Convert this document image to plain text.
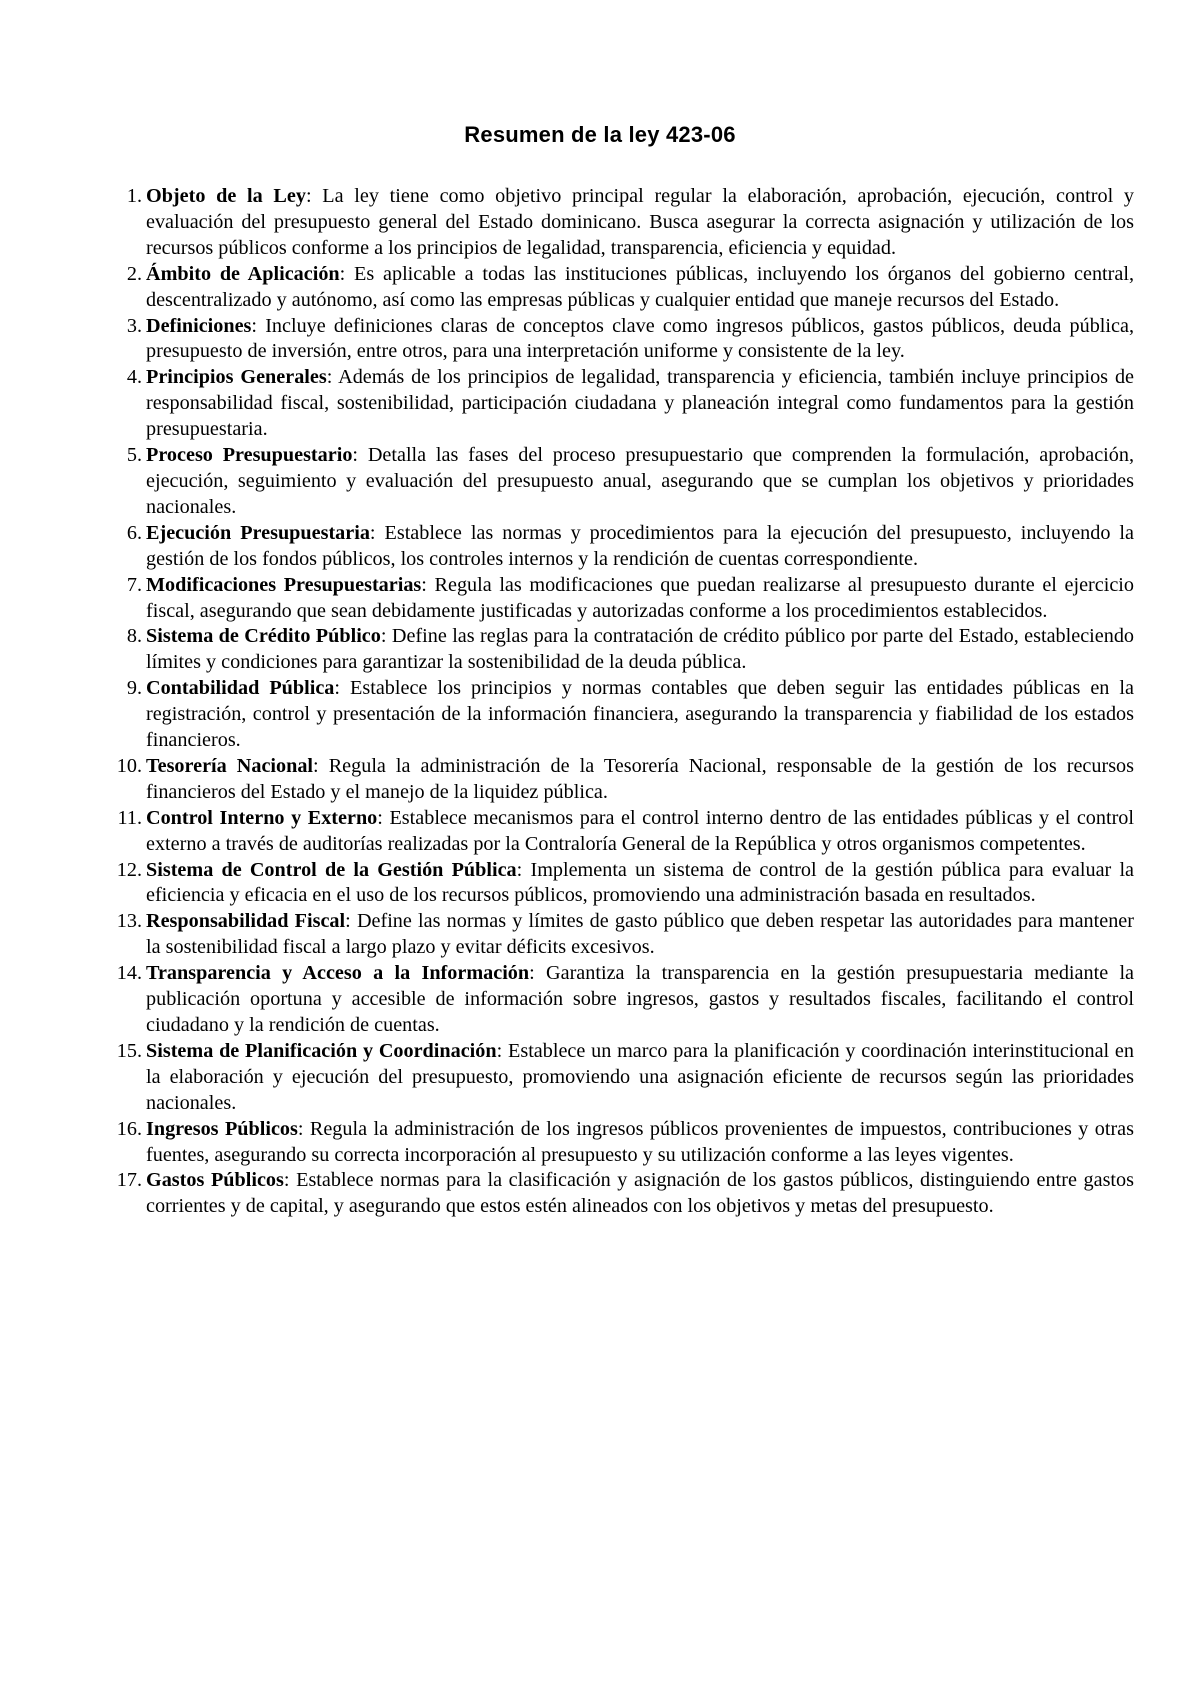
Resumen de la ley 423-06
1. Objeto de la Ley: La ley tiene como objetivo principal regular la elaboración, aprobación, ejecución, control y evaluación del presupuesto general del Estado dominicano. Busca asegurar la correcta asignación y utilización de los recursos públicos conforme a los principios de legalidad, transparencia, eficiencia y equidad.
2. Ámbito de Aplicación: Es aplicable a todas las instituciones públicas, incluyendo los órganos del gobierno central, descentralizado y autónomo, así como las empresas públicas y cualquier entidad que maneje recursos del Estado.
3. Definiciones: Incluye definiciones claras de conceptos clave como ingresos públicos, gastos públicos, deuda pública, presupuesto de inversión, entre otros, para una interpretación uniforme y consistente de la ley.
4. Principios Generales: Además de los principios de legalidad, transparencia y eficiencia, también incluye principios de responsabilidad fiscal, sostenibilidad, participación ciudadana y planeación integral como fundamentos para la gestión presupuestaria.
5. Proceso Presupuestario: Detalla las fases del proceso presupuestario que comprenden la formulación, aprobación, ejecución, seguimiento y evaluación del presupuesto anual, asegurando que se cumplan los objetivos y prioridades nacionales.
6. Ejecución Presupuestaria: Establece las normas y procedimientos para la ejecución del presupuesto, incluyendo la gestión de los fondos públicos, los controles internos y la rendición de cuentas correspondiente.
7. Modificaciones Presupuestarias: Regula las modificaciones que puedan realizarse al presupuesto durante el ejercicio fiscal, asegurando que sean debidamente justificadas y autorizadas conforme a los procedimientos establecidos.
8. Sistema de Crédito Público: Define las reglas para la contratación de crédito público por parte del Estado, estableciendo límites y condiciones para garantizar la sostenibilidad de la deuda pública.
9. Contabilidad Pública: Establece los principios y normas contables que deben seguir las entidades públicas en la registración, control y presentación de la información financiera, asegurando la transparencia y fiabilidad de los estados financieros.
10. Tesorería Nacional: Regula la administración de la Tesorería Nacional, responsable de la gestión de los recursos financieros del Estado y el manejo de la liquidez pública.
11. Control Interno y Externo: Establece mecanismos para el control interno dentro de las entidades públicas y el control externo a través de auditorías realizadas por la Contraloría General de la República y otros organismos competentes.
12. Sistema de Control de la Gestión Pública: Implementa un sistema de control de la gestión pública para evaluar la eficiencia y eficacia en el uso de los recursos públicos, promoviendo una administración basada en resultados.
13. Responsabilidad Fiscal: Define las normas y límites de gasto público que deben respetar las autoridades para mantener la sostenibilidad fiscal a largo plazo y evitar déficits excesivos.
14. Transparencia y Acceso a la Información: Garantiza la transparencia en la gestión presupuestaria mediante la publicación oportuna y accesible de información sobre ingresos, gastos y resultados fiscales, facilitando el control ciudadano y la rendición de cuentas.
15. Sistema de Planificación y Coordinación: Establece un marco para la planificación y coordinación interinstitucional en la elaboración y ejecución del presupuesto, promoviendo una asignación eficiente de recursos según las prioridades nacionales.
16. Ingresos Públicos: Regula la administración de los ingresos públicos provenientes de impuestos, contribuciones y otras fuentes, asegurando su correcta incorporación al presupuesto y su utilización conforme a las leyes vigentes.
17. Gastos Públicos: Establece normas para la clasificación y asignación de los gastos públicos, distinguiendo entre gastos corrientes y de capital, y asegurando que estos estén alineados con los objetivos y metas del presupuesto.
